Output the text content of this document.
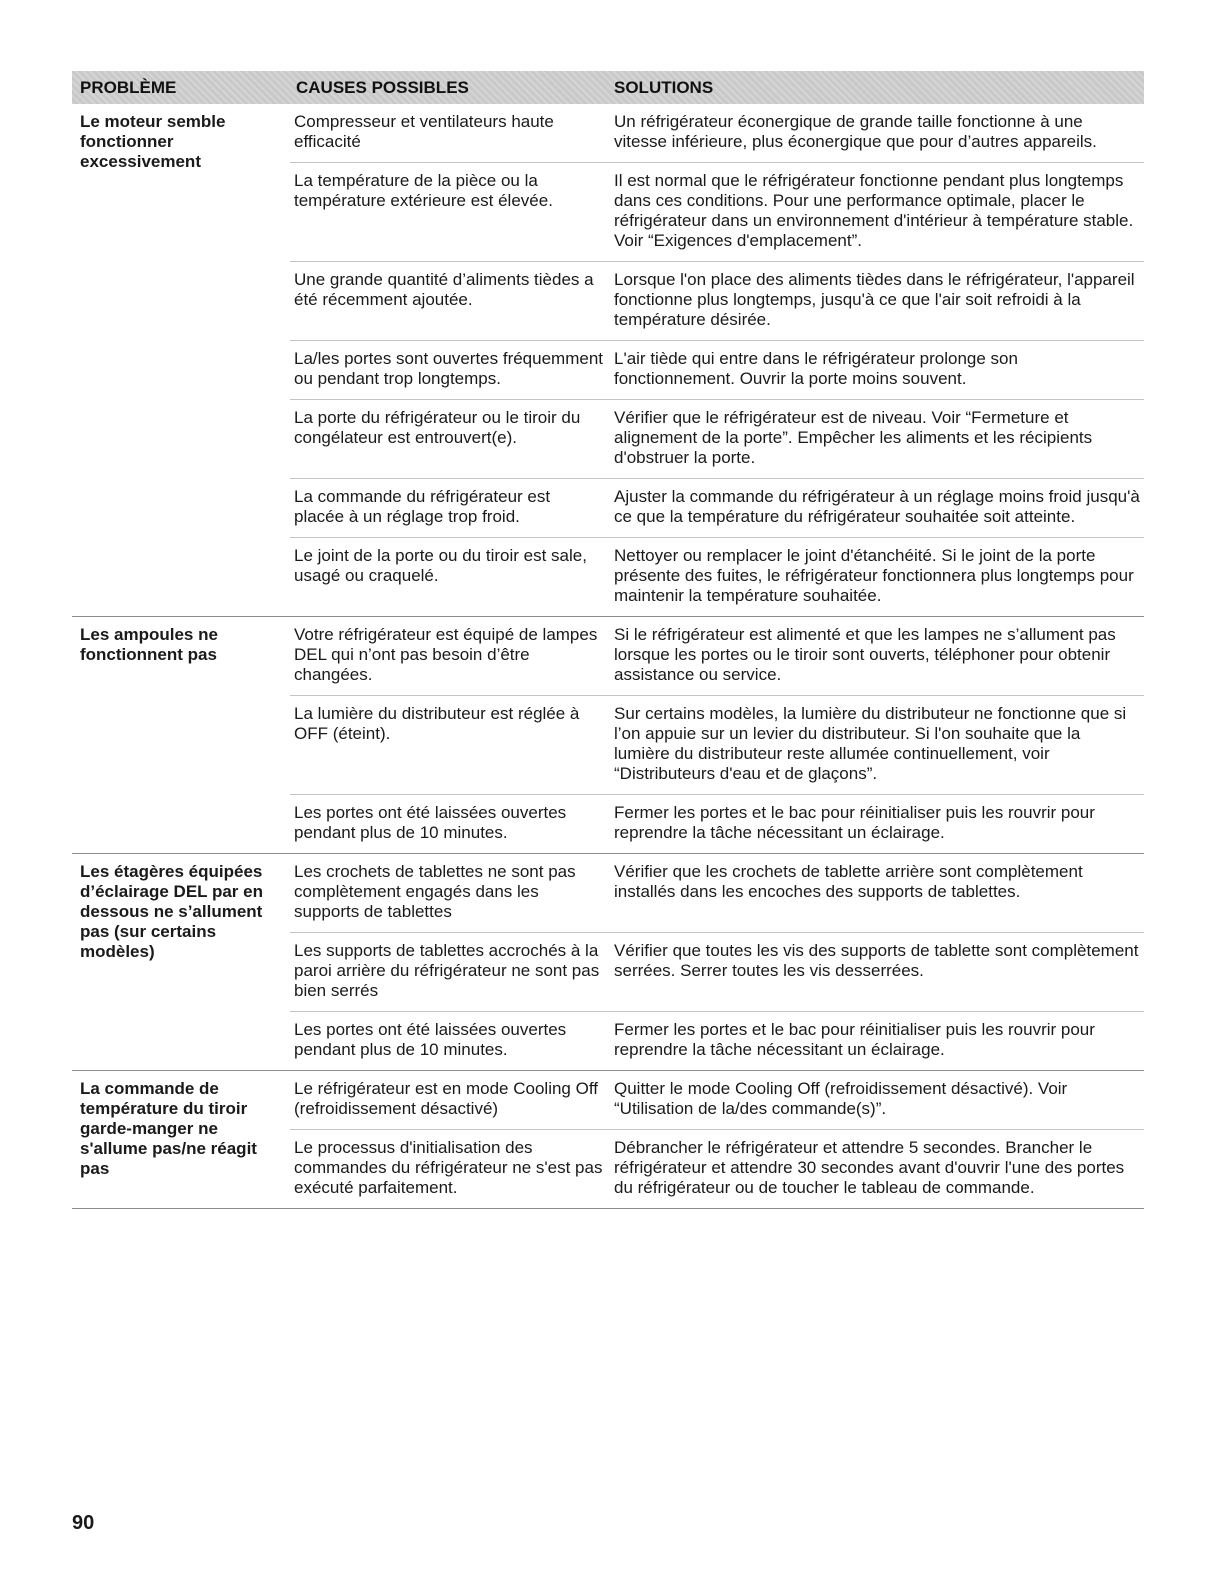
PROBLÈME	CAUSES POSSIBLES	SOLUTIONS
Le moteur semble fonctionner excessivement
Compresseur et ventilateurs haute efficacité
Un réfrigérateur éconergique de grande taille fonctionne à une vitesse inférieure, plus éconergique que pour d’autres appareils.
La température de la pièce ou la température extérieure est élevée.
Il est normal que le réfrigérateur fonctionne pendant plus longtemps dans ces conditions. Pour une performance optimale, placer le réfrigérateur dans un environnement d'intérieur à température stable. Voir “Exigences d'emplacement”.
Une grande quantité d’aliments tièdes a été récemment ajoutée.
Lorsque l'on place des aliments tièdes dans le réfrigérateur, l'appareil fonctionne plus longtemps, jusqu'à ce que l'air soit refroidi à la température désirée.
La/les portes sont ouvertes fréquemment ou pendant trop longtemps.
L'air tiède qui entre dans le réfrigérateur prolonge son fonctionnement. Ouvrir la porte moins souvent.
La porte du réfrigérateur ou le tiroir du congélateur est entrouvert(e).
Vérifier que le réfrigérateur est de niveau. Voir “Fermeture et alignement de la porte”. Empêcher les aliments et les récipients d'obstruer la porte.
La commande du réfrigérateur est placée à un réglage trop froid.
Ajuster la commande du réfrigérateur à un réglage moins froid jusqu'à ce que la température du réfrigérateur souhaitée soit atteinte.
Le joint de la porte ou du tiroir est sale, usagé ou craquelé.
Nettoyer ou remplacer le joint d'étanchéité. Si le joint de la porte présente des fuites, le réfrigérateur fonctionnera plus longtemps pour maintenir la température souhaitée.
Les ampoules ne fonctionnent pas
Votre réfrigérateur est équipé de lampes DEL qui n’ont pas besoin d’être changées.
Si le réfrigérateur est alimenté et que les lampes ne s’allument pas lorsque les portes ou le tiroir sont ouverts, téléphoner pour obtenir assistance ou service.
La lumière du distributeur est réglée à OFF (éteint).
Sur certains modèles, la lumière du distributeur ne fonctionne que si l’on appuie sur un levier du distributeur. Si l'on souhaite que la lumière du distributeur reste allumée continuellement, voir “Distributeurs d'eau et de glaçons”.
Les portes ont été laissées ouvertes pendant plus de 10 minutes.
Fermer les portes et le bac pour réinitialiser puis les rouvrir pour reprendre la tâche nécessitant un éclairage.
Les étagères équipées d’éclairage DEL par en dessous ne s’allument pas (sur certains modèles)
Les crochets de tablettes ne sont pas complètement engagés dans les supports de tablettes
Vérifier que les crochets de tablette arrière sont complètement installés dans les encoches des supports de tablettes.
Les supports de tablettes accrochés à la paroi arrière du réfrigérateur ne sont pas bien serrés
Vérifier que toutes les vis des supports de tablette sont complètement serrées. Serrer toutes les vis desserrées.
Les portes ont été laissées ouvertes pendant plus de 10 minutes.
Fermer les portes et le bac pour réinitialiser puis les rouvrir pour reprendre la tâche nécessitant un éclairage.
La commande de température du tiroir garde-manger ne s'allume pas/ne réagit pas
Le réfrigérateur est en mode Cooling Off (refroidissement désactivé)
Quitter le mode Cooling Off (refroidissement désactivé). Voir “Utilisation de la/des commande(s)”.
Le processus d'initialisation des commandes du réfrigérateur ne s'est pas exécuté parfaitement.
Débrancher le réfrigérateur et attendre 5 secondes. Brancher le réfrigérateur et attendre 30 secondes avant d'ouvrir l'une des portes du réfrigérateur ou de toucher le tableau de commande.
90
